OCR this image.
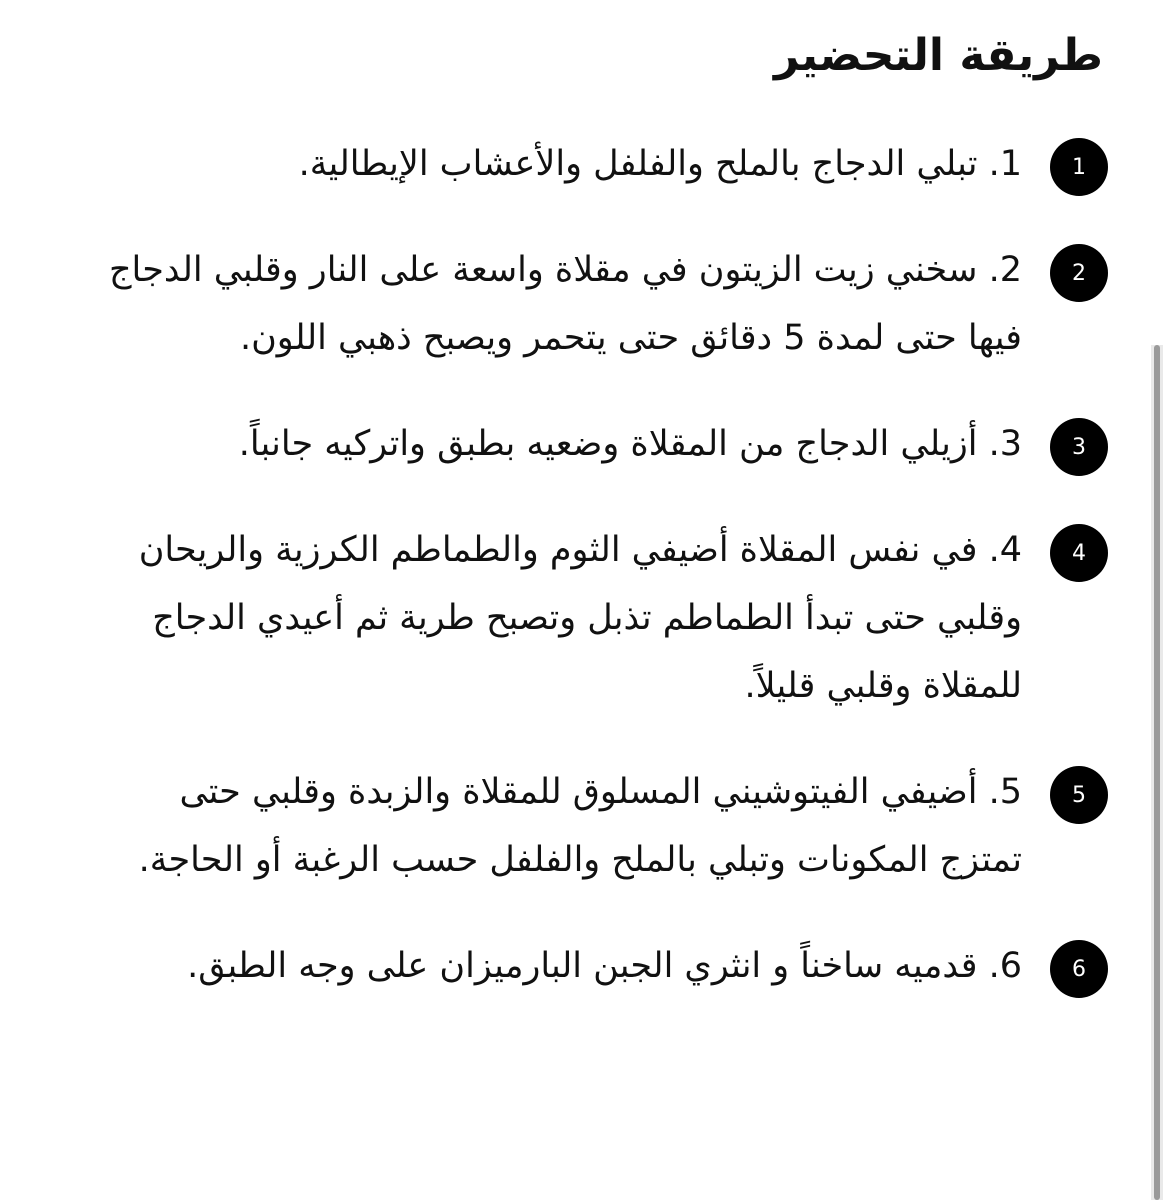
طريقة التحضير
1
1. تبلي الدجاج بالملح والفلفل والأعشاب الإيطالية.
2
2. سخني زيت الزيتون في مقلاة واسعة على النار وقلبي الدجاج فيها حتى لمدة 5 دقائق حتى يتحمر ويصبح ذهبي اللون.
3
3. أزيلي الدجاج من المقلاة وضعيه بطبق واتركيه جانباً.
4
4. في نفس المقلاة أضيفي الثوم والطماطم الكرزية والريحان وقلبي حتى تبدأ الطماطم تذبل وتصبح طرية ثم أعيدي الدجاج للمقلاة وقلبي قليلاً.
5
5. أضيفي الفيتوشيني المسلوق للمقلاة والزبدة وقلبي حتى تمتزج المكونات وتبلي بالملح والفلفل حسب الرغبة أو الحاجة.
6
6. قدميه ساخناً و انثري الجبن البارميزان على وجه الطبق.
